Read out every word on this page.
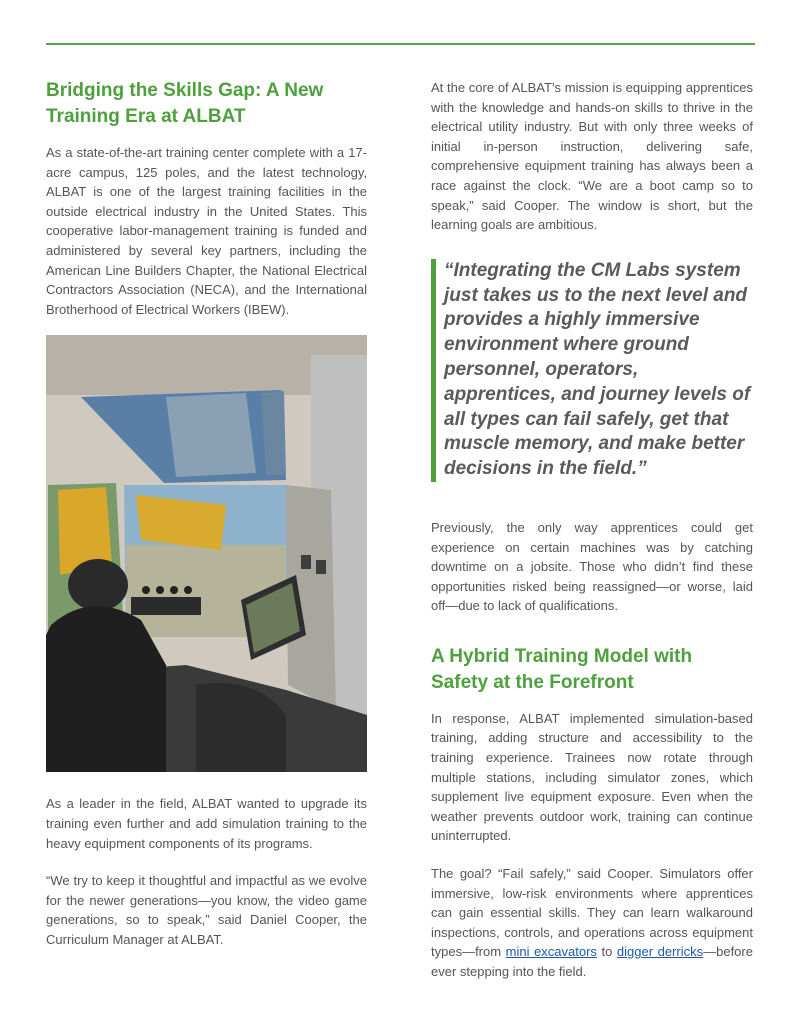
Bridging the Skills Gap: A New Training Era at ALBAT

As a state-of-the-art training center complete with a 17-acre campus, 125 poles, and the latest technology, ALBAT is one of the largest training facilities in the outside electrical industry in the United States. This cooperative labor-management training is funded and administered by several key partners, including the American Line Builders Chapter, the National Electrical Contractors Association (NECA), and the International Brotherhood of Electrical Workers (IBEW).

As a leader in the field, ALBAT wanted to upgrade its training even further and add simulation training to the heavy equipment components of its programs.

“We try to keep it thoughtful and impactful as we evolve for the newer generations—you know, the video game generations, so to speak,” said Daniel Cooper, the Curriculum Manager at ALBAT.

At the core of ALBAT’s mission is equipping apprentices with the knowledge and hands-on skills to thrive in the electrical utility industry. But with only three weeks of initial in-person instruction, delivering safe, comprehensive equipment training has always been a race against the clock. “We are a boot camp so to speak,” said Cooper. The window is short, but the learning goals are ambitious.

“Integrating the CM Labs system just takes us to the next level and provides a highly immersive environment where ground personnel, operators, apprentices, and journey levels of all types can fail safely, get that muscle memory, and make better decisions in the field.”

Previously, the only way apprentices could get experience on certain machines was by catching downtime on a jobsite. Those who didn’t find these opportunities risked being reassigned—or worse, laid off—due to lack of qualifications.

A Hybrid Training Model with Safety at the Forefront

In response, ALBAT implemented simulation-based training, adding structure and accessibility to the training experience. Trainees now rotate through multiple stations, including simulator zones, which supplement live equipment exposure. Even when the weather prevents outdoor work, training can continue uninterrupted.

The goal? “Fail safely,” said Cooper. Simulators offer immersive, low-risk environments where apprentices can gain essential skills. They can learn walkaround inspections, controls, and operations across equipment types—from mini excavators to digger derricks—before ever stepping into the field.
